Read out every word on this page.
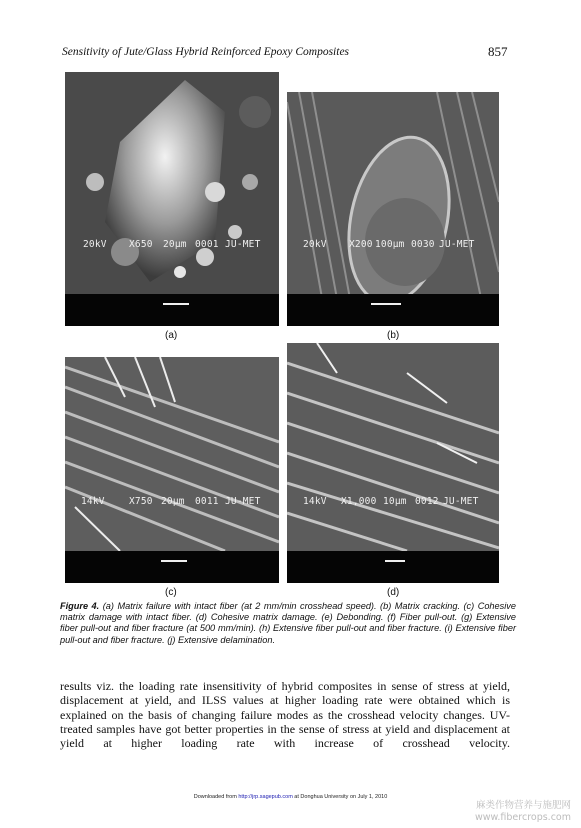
Sensitivity of Jute/Glass Hybrid Reinforced Epoxy Composites	857

20kV

X650

20µm

0001

JU-MET

(a)

20kV

X200

100µm

0030

JU-MET

(b)

14kV

	X750

20µm

0011

JU-MET

(c)

14kV

X1,000

10µm

0012

JU-MET

(d)
Figure 4. (a) Matrix failure with intact fiber (at 2 mm/min crosshead speed). (b) Matrix cracking. (c) Cohesive matrix damage with intact fiber. (d) Cohesive matrix damage. (e) Debonding. (f) Fiber pull-out. (g) Extensive fiber pull-out and fiber fracture (at 500 mm/min). (h) Extensive fiber pull-out and fiber fracture. (i) Extensive fiber pull-out and fiber fracture. (j) Extensive delamination.
results viz. the loading rate insensitivity of hybrid composites in sense of stress at yield, displacement at yield, and ILSS values at higher loading rate were obtained which is explained on the basis of changing failure modes as the crosshead velocity changes. UV-treated samples have got better properties in the sense of stress at yield and displacement at yield at higher loading rate with increase of crosshead velocity.
Downloaded from http://jrp.sagepub.com at Donghua University on July 1, 2010
麻类作物营养与施肥网
www.fibercrops.com
